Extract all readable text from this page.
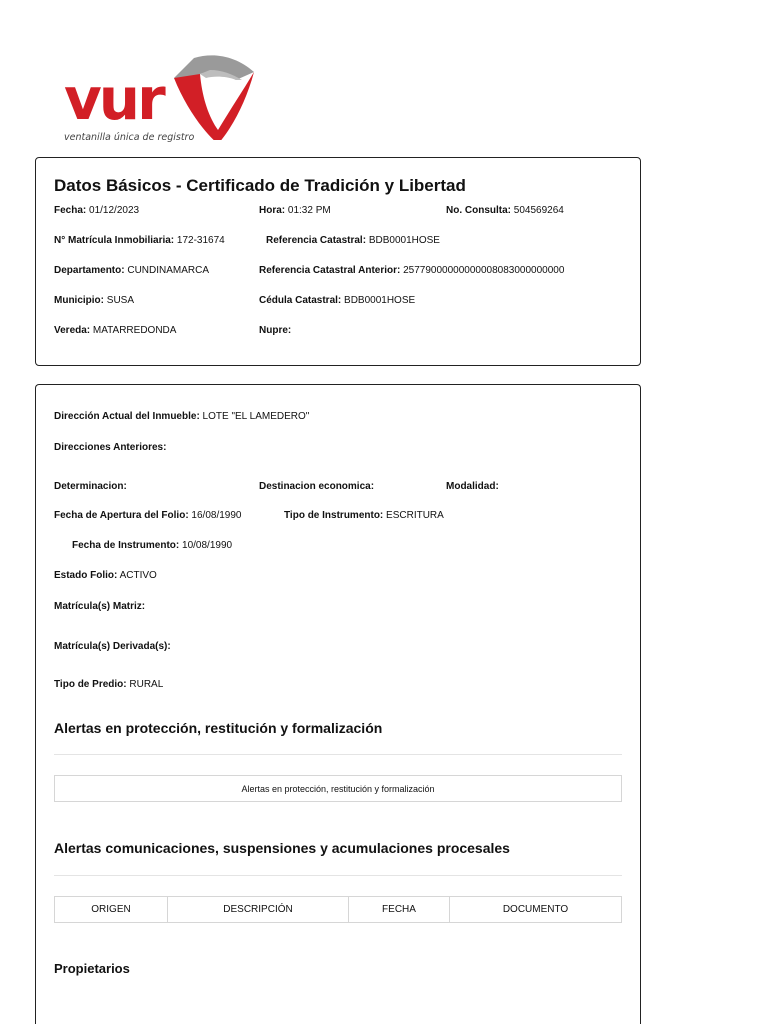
vur
ventanilla única de registro
Datos Básicos - Certificado de Tradición y Libertad
Fecha: 01/12/2023	Hora: 01:32 PM	No. Consulta: 504569264
N° Matrícula Inmobiliaria: 172-31674	Referencia Catastral: BDB0001HOSE
Departamento: CUNDINAMARCA	Referencia Catastral Anterior: 25779000000000008083000000000
Municipio: SUSA	Cédula Catastral: BDB0001HOSE
Vereda: MATARREDONDA	Nupre:
Dirección Actual del Inmueble: LOTE "EL LAMEDERO"
Direcciones Anteriores:
Determinacion:	Destinacion economica:	Modalidad:
Fecha de Apertura del Folio: 16/08/1990	Tipo de Instrumento: ESCRITURA
Fecha de Instrumento: 10/08/1990
Estado Folio: ACTIVO
Matrícula(s) Matriz:
Matrícula(s) Derivada(s):
Tipo de Predio: RURAL
Alertas en protección, restitución y formalización
Alertas en protección, restitución y formalización
Alertas comunicaciones, suspensiones y acumulaciones procesales
ORIGEN	DESCRIPCIÓN	FECHA	DOCUMENTO
Propietarios
